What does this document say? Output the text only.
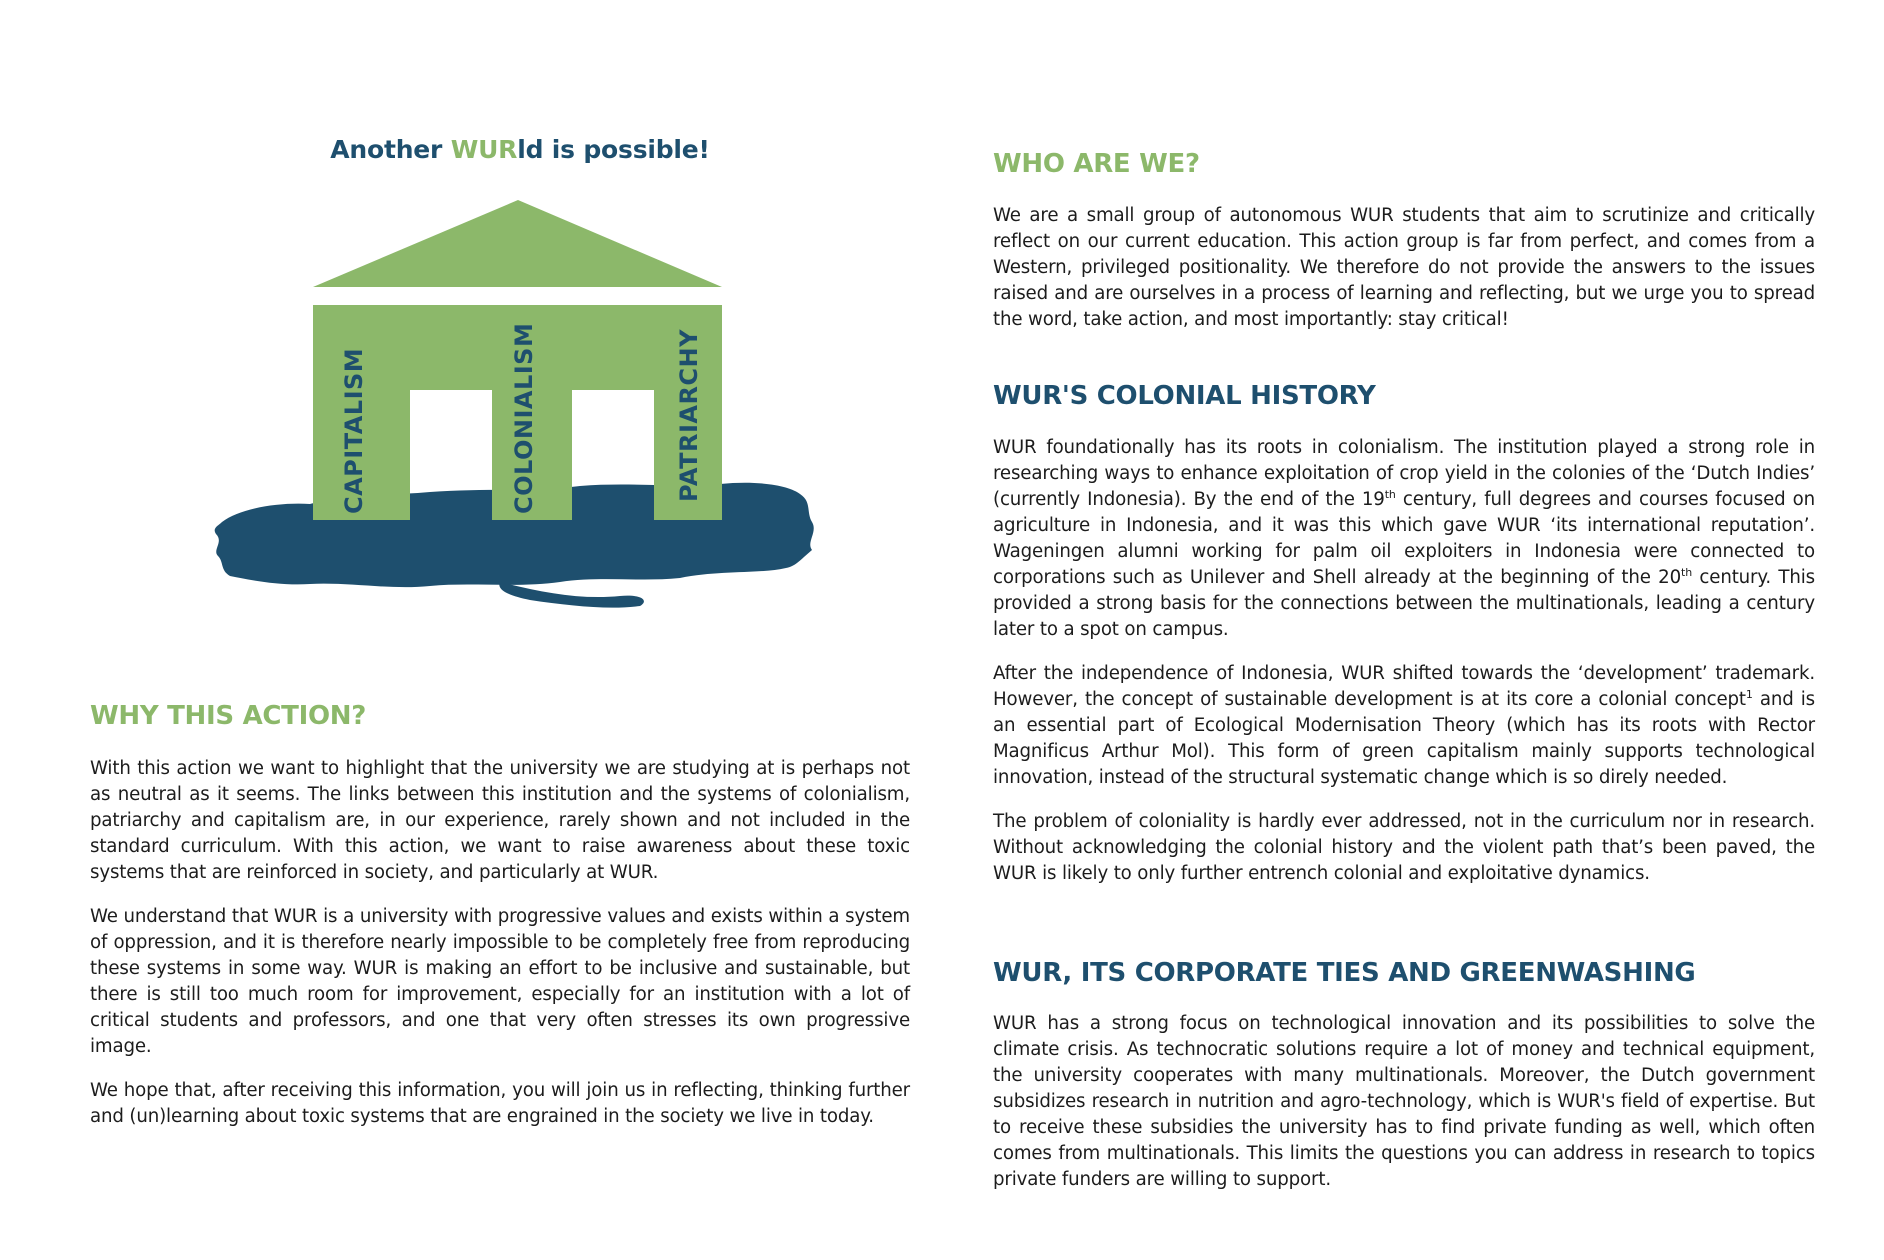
Another WURld is possible!
CAPITALISM	COLONIALISM	PATRIARCHY
WHY THIS ACTION?

With this action we want to highlight that the university we are studying at is perhaps not as neutral as it seems. The links between this institution and the systems of colonialism, patriarchy and capitalism are, in our experience, rarely shown and not included in the standard curriculum. With this action, we want to raise awareness about these toxic systems that are reinforced in society, and particularly at WUR.

We understand that WUR is a university with progressive values and exists within a system of oppression, and it is therefore nearly impossible to be completely free from reproducing these systems in some way. WUR is making an effort to be inclusive and sustainable, but there is still too much room for improvement, especially for an institution with a lot of critical students and professors, and one that very often stresses its own progressive image.

We hope that, after receiving this information, you will join us in reflecting, thinking further and (un)learning about toxic systems that are engrained in the society we live in today.

WHO ARE WE?

We are a small group of autonomous WUR students that aim to scrutinize and critically reflect on our current education. This action group is far from perfect, and comes from a Western, privileged positionality. We therefore do not provide the answers to the issues raised and are ourselves in a process of learning and reflecting, but we urge you to spread the word, take action, and most importantly: stay critical!

WUR'S COLONIAL HISTORY

WUR foundationally has its roots in colonialism. The institution played a strong role in researching ways to enhance exploitation of crop yield in the colonies of the ‘Dutch Indies’ (currently Indonesia). By the end of the 19th century, full degrees and courses focused on agriculture in Indonesia, and it was this which gave WUR ‘its international reputation’. Wageningen alumni working for palm oil exploiters in Indonesia were connected to corporations such as Unilever and Shell already at the beginning of the 20th century. This provided a strong basis for the connections between the multinationals, leading a century later to a spot on campus.

After the independence of Indonesia, WUR shifted towards the ‘development’ trademark. However, the concept of sustainable development is at its core a colonial concept$^1$ and is an essential part of Ecological Modernisation Theory (which has its roots with Rector Magnificus Arthur Mol). This form of green capitalism mainly supports technological innovation, instead of the structural systematic change which is so direly needed.

The problem of coloniality is hardly ever addressed, not in the curriculum nor in research. Without acknowledging the colonial history and the violent path that’s been paved, the WUR is likely to only further entrench colonial and exploitative dynamics.

WUR, ITS CORPORATE TIES AND GREENWASHING

WUR has a strong focus on technological innovation and its possibilities to solve the climate crisis. As technocratic solutions require a lot of money and technical equipment, the university cooperates with many multinationals. Moreover, the Dutch government subsidizes research in nutrition and agro-technology, which is WUR's field of expertise. But to receive these subsidies the university has to find private funding as well, which often comes from multinationals. This limits the questions you can address in research to topics private funders are willing to support.
